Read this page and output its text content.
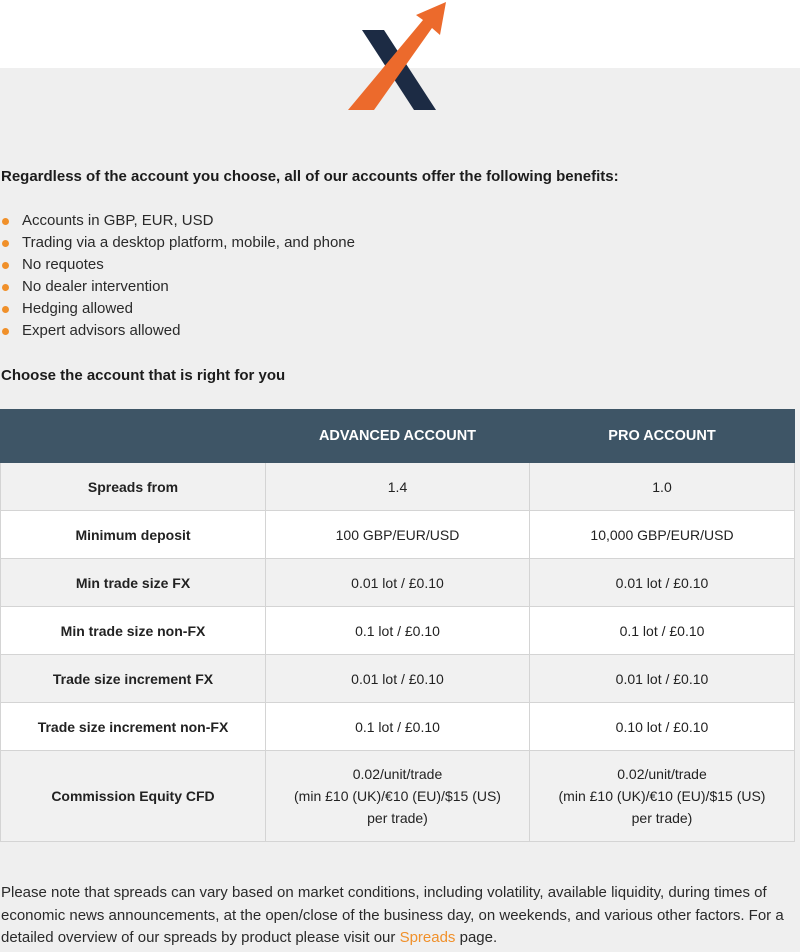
Regardless of the account you choose, all of our accounts offer the following benefits:

Accounts in GBP, EUR, USD
Trading via a desktop platform, mobile, and phone
No requotes
No dealer intervention
Hedging allowed
Expert advisors allowed

Choose the account that is right for you

	ADVANCED ACCOUNT	PRO ACCOUNT
Spreads from	1.4	1.0
Minimum deposit	100 GBP/EUR/USD	10,000 GBP/EUR/USD
Min trade size FX	0.01 lot / £0.10	0.01 lot / £0.10
Min trade size non-FX	0.1 lot / £0.10	0.1 lot / £0.10
Trade size increment FX	0.01 lot / £0.10	0.01 lot / £0.10
Trade size increment non-FX	0.1 lot / £0.10	0.10 lot / £0.10
Commission Equity CFD	0.02/unit/trade
(min £10 (UK)/€10 (EU)/$15 (US)
per trade)	0.02/unit/trade
(min £10 (UK)/€10 (EU)/$15 (US)
per trade)

Please note that spreads can vary based on market conditions, including volatility, available liquidity, during times of economic news announcements, at the open/close of the business day, on weekends, and various other factors. For a detailed overview of our spreads by product please visit our Spreads page.
